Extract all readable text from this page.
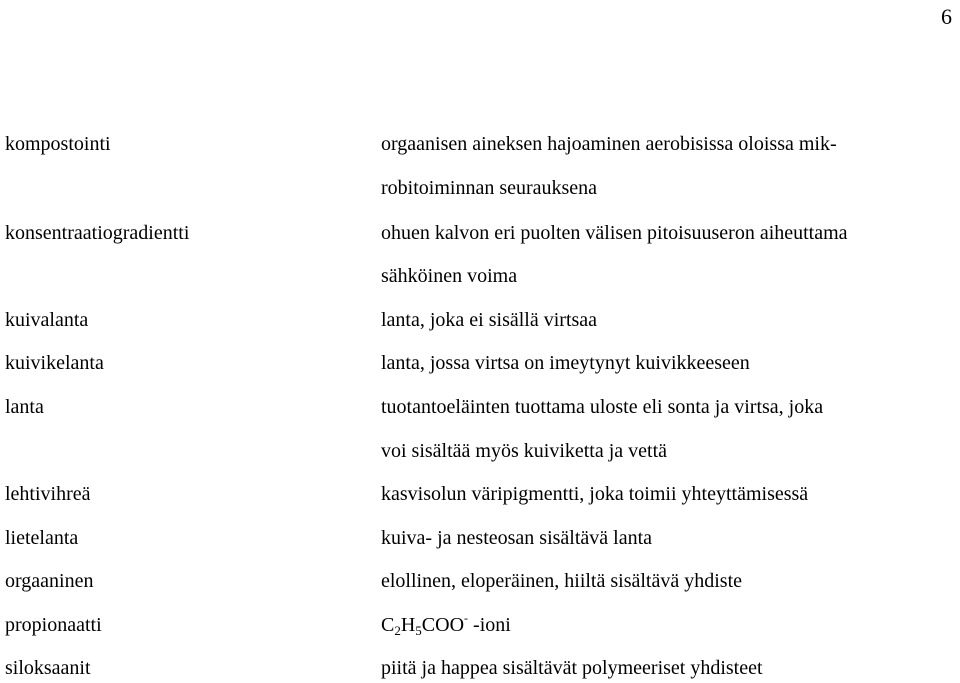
6
kompostointi	orgaanisen aineksen hajoaminen aerobisissa oloissa mik-
robitoiminnan seurauksena
konsentraatiogradientti	ohuen kalvon eri puolten välisen pitoisuuseron aiheuttama
sähköinen voima
kuivalanta	lanta, joka ei sisällä virtsaa
kuivikelanta	lanta, jossa virtsa on imeytynyt kuivikkeeseen
lanta	tuotantoeläinten tuottama uloste eli sonta ja virtsa, joka
voi sisältää myös kuiviketta ja vettä
lehtivihreä	kasvisolun väripigmentti, joka toimii yhteyttämisessä
lietelanta	kuiva- ja nesteosan sisältävä lanta
orgaaninen	elollinen, eloperäinen, hiiltä sisältävä yhdiste
propionaatti	$C_2H_5COO^-$ -ioni
siloksaanit	piitä ja happea sisältävät polymeeriset yhdisteet
